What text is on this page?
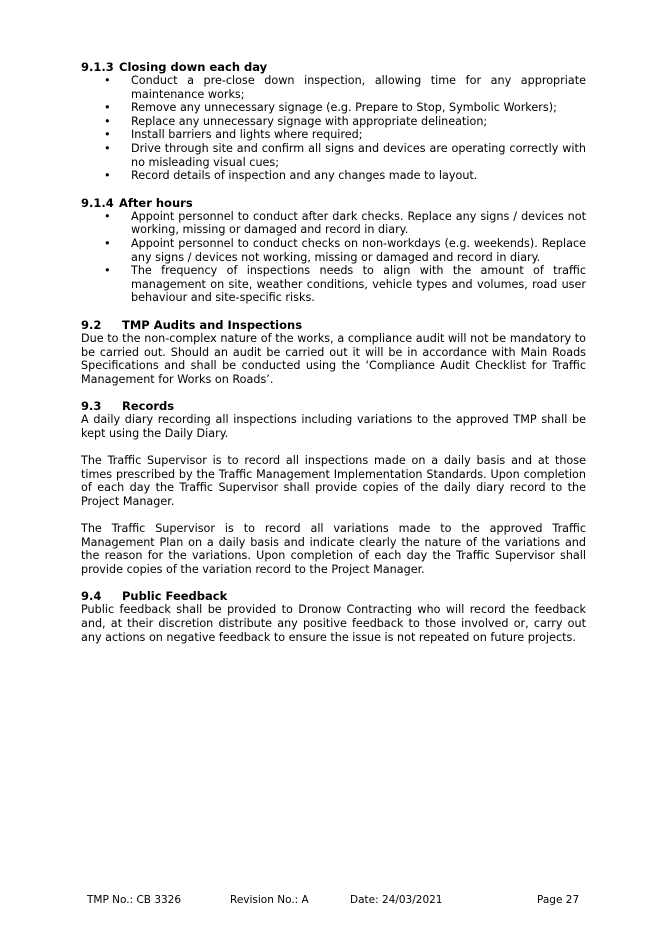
9.1.3 Closing down each day
• Conduct a pre-close down inspection, allowing time for any appropriate maintenance works;
• Remove any unnecessary signage (e.g. Prepare to Stop, Symbolic Workers);
• Replace any unnecessary signage with appropriate delineation;
• Install barriers and lights where required;
• Drive through site and confirm all signs and devices are operating correctly with no misleading visual cues;
• Record details of inspection and any changes made to layout.
9.1.4 After hours
• Appoint personnel to conduct after dark checks. Replace any signs / devices not working, missing or damaged and record in diary.
• Appoint personnel to conduct checks on non-workdays (e.g. weekends). Replace any signs / devices not working, missing or damaged and record in diary.
• The frequency of inspections needs to align with the amount of traffic management on site, weather conditions, vehicle types and volumes, road user behaviour and site-specific risks.
9.2 TMP Audits and Inspections

Due to the non-complex nature of the works, a compliance audit will not be mandatory to be carried out. Should an audit be carried out it will be in accordance with Main Roads Specifications and shall be conducted using the ‘Compliance Audit Checklist for Traffic Management for Works on Roads’.

9.3 Records

A daily diary recording all inspections including variations to the approved TMP shall be kept using the Daily Diary.

The Traffic Supervisor is to record all inspections made on a daily basis and at those times prescribed by the Traffic Management Implementation Standards. Upon completion of each day the Traffic Supervisor shall provide copies of the daily diary record to the Project Manager.

The Traffic Supervisor is to record all variations made to the approved Traffic Management Plan on a daily basis and indicate clearly the nature of the variations and the reason for the variations. Upon completion of each day the Traffic Supervisor shall provide copies of the variation record to the Project Manager.

9.4 Public Feedback

Public feedback shall be provided to Dronow Contracting who will record the feedback and, at their discretion distribute any positive feedback to those involved or, carry out any actions on negative feedback to ensure the issue is not repeated on future projects.

TMP No.: CB 3326	Revision No.: A	Date: 24/03/2021	Page 27
